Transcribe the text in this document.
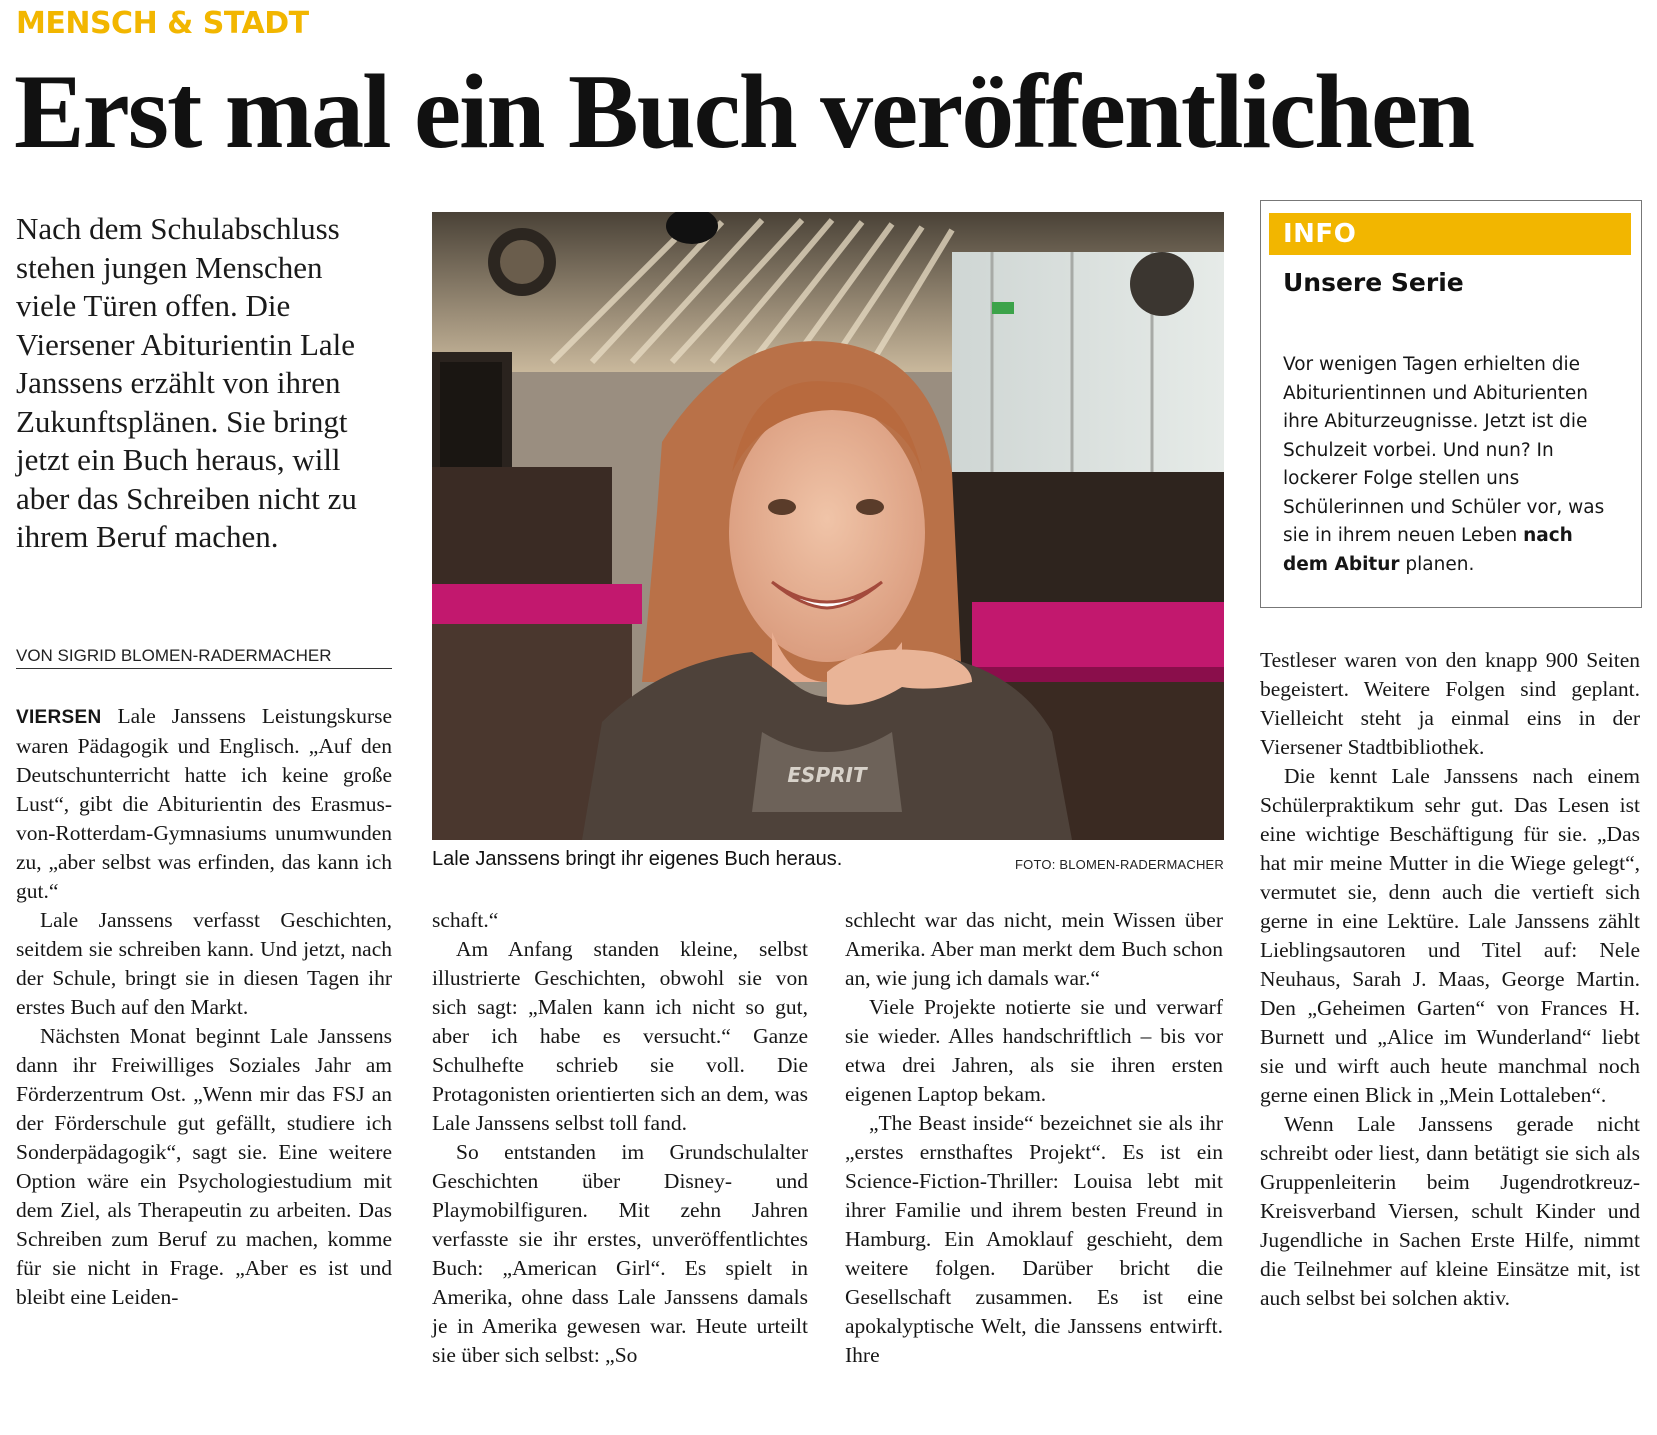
MENSCH & STADT
Erst mal ein Buch veröffentlichen
Nach dem Schulabschluss stehen jungen Menschen viele Türen offen. Die Viersener Abiturientin Lale Janssens erzählt von ihren Zukunftsplänen. Sie bringt jetzt ein Buch heraus, will aber das Schreiben nicht zu ihrem Beruf machen.
VON SIGRID BLOMEN-RADERMACHER

VIERSEN Lale Janssens Leistungskurse waren Pädagogik und Englisch. „Auf den Deutschunterricht hatte ich keine große Lust“, gibt die Abiturientin des Erasmus-von-Rotterdam-Gymnasiums unumwunden zu, „aber selbst was erfinden, das kann ich gut.“

Lale Janssens verfasst Geschichten, seitdem sie schreiben kann. Und jetzt, nach der Schule, bringt sie in diesen Tagen ihr erstes Buch auf den Markt.

Nächsten Monat beginnt Lale Janssens dann ihr Freiwilliges Soziales Jahr am Förderzentrum Ost. „Wenn mir das FSJ an der Förderschule gut gefällt, studiere ich Sonderpädagogik“, sagt sie. Eine weitere Option wäre ein Psychologiestudium mit dem Ziel, als Therapeutin zu arbeiten. Das Schreiben zum Beruf zu machen, komme für sie nicht in Frage. „Aber es ist und bleibt eine Leiden-

ESPRIT
Lale Janssens bringt ihr eigenes Buch heraus.	FOTO: BLOMEN-RADERMACHER
INFO
Unsere Serie
Vor wenigen Tagen erhielten die Abiturientinnen und Abiturienten ihre Abiturzeugnisse. Jetzt ist die Schulzeit vorbei. Und nun? In lockerer Folge stellen uns Schülerinnen und Schüler vor, was sie in ihrem neuen Leben nach dem Abitur planen.

schaft.“

Am Anfang standen kleine, selbst illustrierte Geschichten, obwohl sie von sich sagt: „Malen kann ich nicht so gut, aber ich habe es versucht.“ Ganze Schulhefte schrieb sie voll. Die Protagonisten orientierten sich an dem, was Lale Janssens selbst toll fand.

So entstanden im Grundschulalter Geschichten über Disney- und Playmobilfiguren. Mit zehn Jahren verfasste sie ihr erstes, unveröffentlichtes Buch: „American Girl“. Es spielt in Amerika, ohne dass Lale Janssens damals je in Amerika gewesen war. Heute urteilt sie über sich selbst: „So

schlecht war das nicht, mein Wissen über Amerika. Aber man merkt dem Buch schon an, wie jung ich damals war.“

Viele Projekte notierte sie und verwarf sie wieder. Alles handschriftlich – bis vor etwa drei Jahren, als sie ihren ersten eigenen Laptop bekam.

„The Beast inside“ bezeichnet sie als ihr „erstes ernsthaftes Projekt“. Es ist ein Science-Fiction-Thriller: Louisa lebt mit ihrer Familie und ihrem besten Freund in Hamburg. Ein Amoklauf geschieht, dem weitere folgen. Darüber bricht die Gesellschaft zusammen. Es ist eine apokalyptische Welt, die Janssens entwirft. Ihre

Testleser waren von den knapp 900 Seiten begeistert. Weitere Folgen sind geplant. Vielleicht steht ja einmal eins in der Viersener Stadtbibliothek.

Die kennt Lale Janssens nach einem Schülerpraktikum sehr gut. Das Lesen ist eine wichtige Beschäftigung für sie. „Das hat mir meine Mutter in die Wiege gelegt“, vermutet sie, denn auch die vertieft sich gerne in eine Lektüre. Lale Janssens zählt Lieblingsautoren und Titel auf: Nele Neuhaus, Sarah J. Maas, George Martin. Den „Geheimen Garten“ von Frances H. Burnett und „Alice im Wunderland“ liebt sie und wirft auch heute manchmal noch gerne einen Blick in „Mein Lottaleben“.

Wenn Lale Janssens gerade nicht schreibt oder liest, dann betätigt sie sich als Gruppenleiterin beim Jugendrotkreuz-Kreisverband Viersen, schult Kinder und Jugendliche in Sachen Erste Hilfe, nimmt die Teilnehmer auf kleine Einsätze mit, ist auch selbst bei solchen aktiv.
